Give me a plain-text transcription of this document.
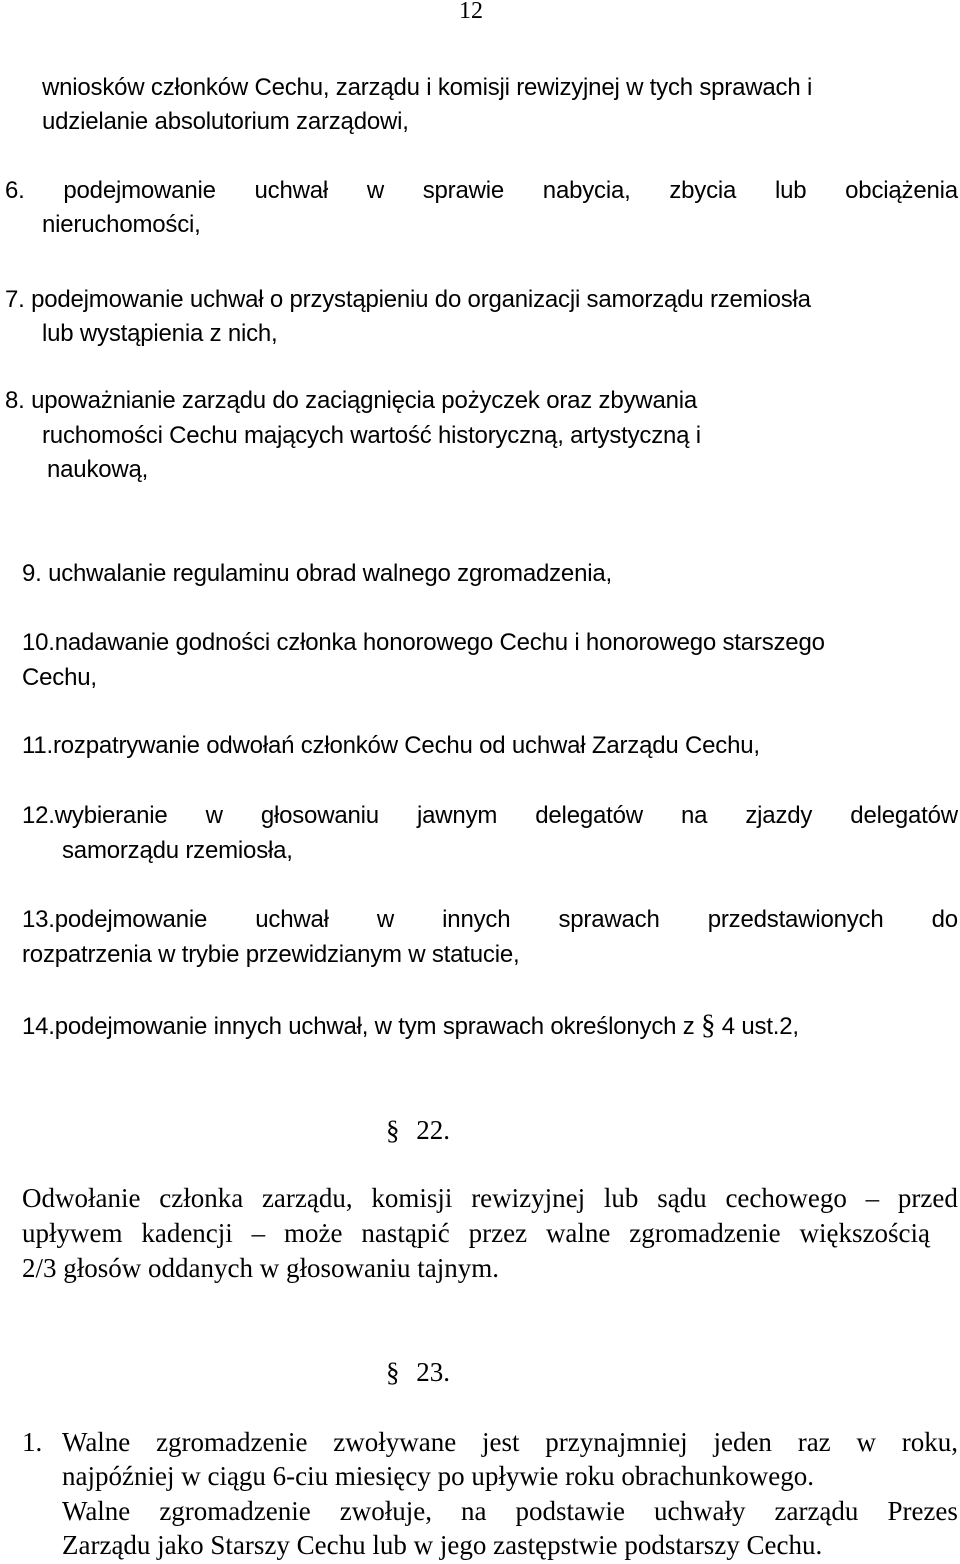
12
wniosków członków Cechu, zarządu i komisji rewizyjnej w tych sprawach i
udzielanie absolutorium zarządowi,
6. podejmowanie uchwał w sprawie nabycia, zbycia lub obciążenia
nieruchomości,
7. podejmowanie uchwał o przystąpieniu do organizacji samorządu rzemiosła
lub wystąpienia z nich,
8. upoważnianie zarządu do zaciągnięcia pożyczek oraz zbywania
ruchomości Cechu mających wartość historyczną, artystyczną i
naukową,
9. uchwalanie regulaminu obrad walnego zgromadzenia,
10.nadawanie godności członka honorowego Cechu i honorowego starszego
Cechu,
11.rozpatrywanie odwołań członków Cechu od uchwał Zarządu Cechu,
12.wybieranie w głosowaniu jawnym delegatów na zjazdy delegatów
samorządu rzemiosła,
13.podejmowanie uchwał w innych sprawach przedstawionych do
rozpatrzenia w trybie przewidzianym w statucie,
14.podejmowanie innych uchwał, w tym sprawach określonych z § 4 ust.2,
§ 22.
Odwołanie członka zarządu, komisji rewizyjnej lub sądu cechowego – przed
upływem kadencji – może nastąpić przez walne zgromadzenie większością
2/3 głosów oddanych w głosowaniu tajnym.
§ 23.
1. Walne zgromadzenie zwoływane jest przynajmniej jeden raz w roku,
najpóźniej w ciągu 6-ciu miesięcy po upływie roku obrachunkowego.
Walne zgromadzenie zwołuje, na podstawie uchwały zarządu Prezes
Zarządu jako Starszy Cechu lub w jego zastępstwie podstarszy Cechu.
